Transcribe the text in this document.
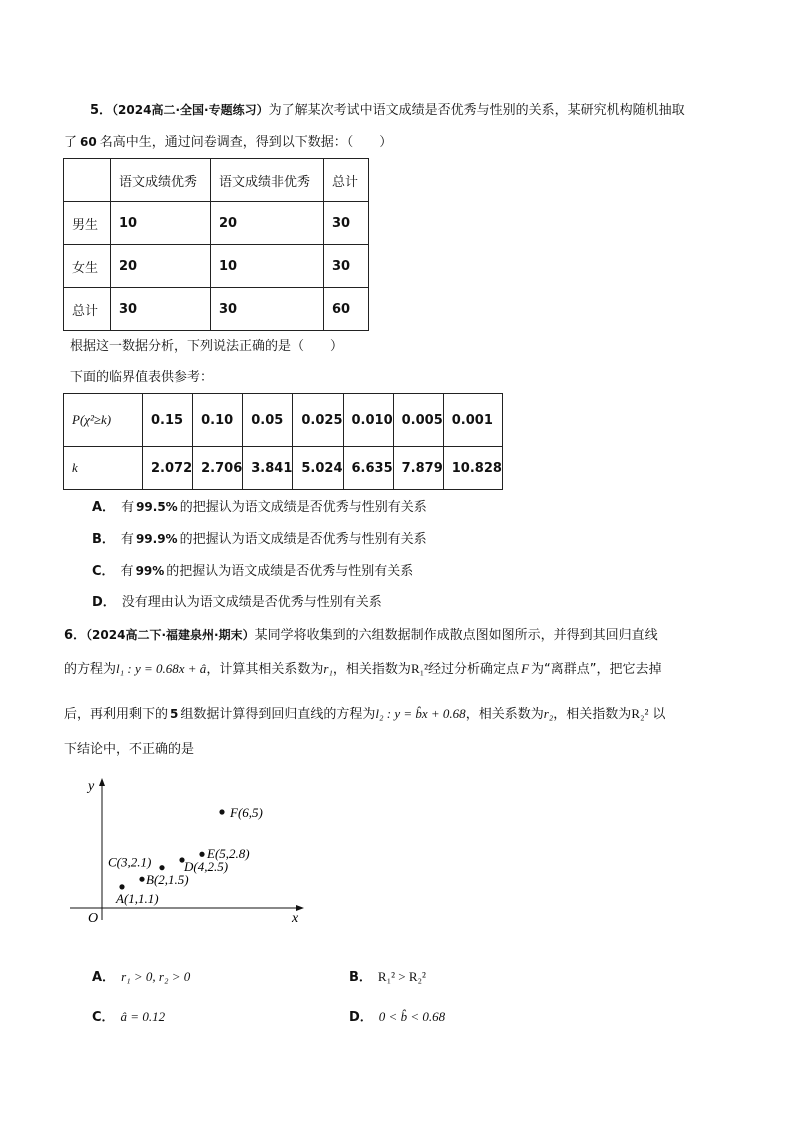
5．（2024高二·全国·专题练习）为了解某次考试中语文成绩是否优秀与性别的关系，某研究机构随机抽取
了 60 名高中生，通过问卷调查，得到以下数据：（　　）
	语文成绩优秀	语文成绩非优秀	总计
男生	10	20	30
女生	20	10	30
总计	30	30	60
根据这一数据分析，下列说法正确的是（　　）
下面的临界值表供参考：
P(χ²≥k)	0.15	0.10	0.05	0.025	0.010	0.005	0.001
k	2.072	2.706	3.841	5.024	6.635	7.879	10.828
A． 有 99.5% 的把握认为语文成绩是否优秀与性别有关系
B． 有 99.9% 的把握认为语文成绩是否优秀与性别有关系
C． 有 99% 的把握认为语文成绩是否优秀与性别有关系
D． 没有理由认为语文成绩是否优秀与性别有关系
6．（2024高二下·福建泉州·期末）某同学将收集到的六组数据制作成散点图如图所示，并得到其回归直线
的方程为l₁ : y = 0.68x + â，计算其相关系数为r₁，相关指数为R₁²经过分析确定点 F 为“离群点”，把它去掉
后，再利用剩下的 5 组数据计算得到回归直线的方程为l₂ : y = b̂x + 0.68，相关系数为r₂，相关指数为R₂² 以
下结论中，不正确的是
x
y
O
A(1,1.1)
B(2,1.5)
C(3,2.1)	D(4,2.5)
E(5,2.8)
F(6,5)
A． r₁ > 0, r₂ > 0	B． R₁² > R₂²
C． â = 0.12	D． 0 < b̂ < 0.68
